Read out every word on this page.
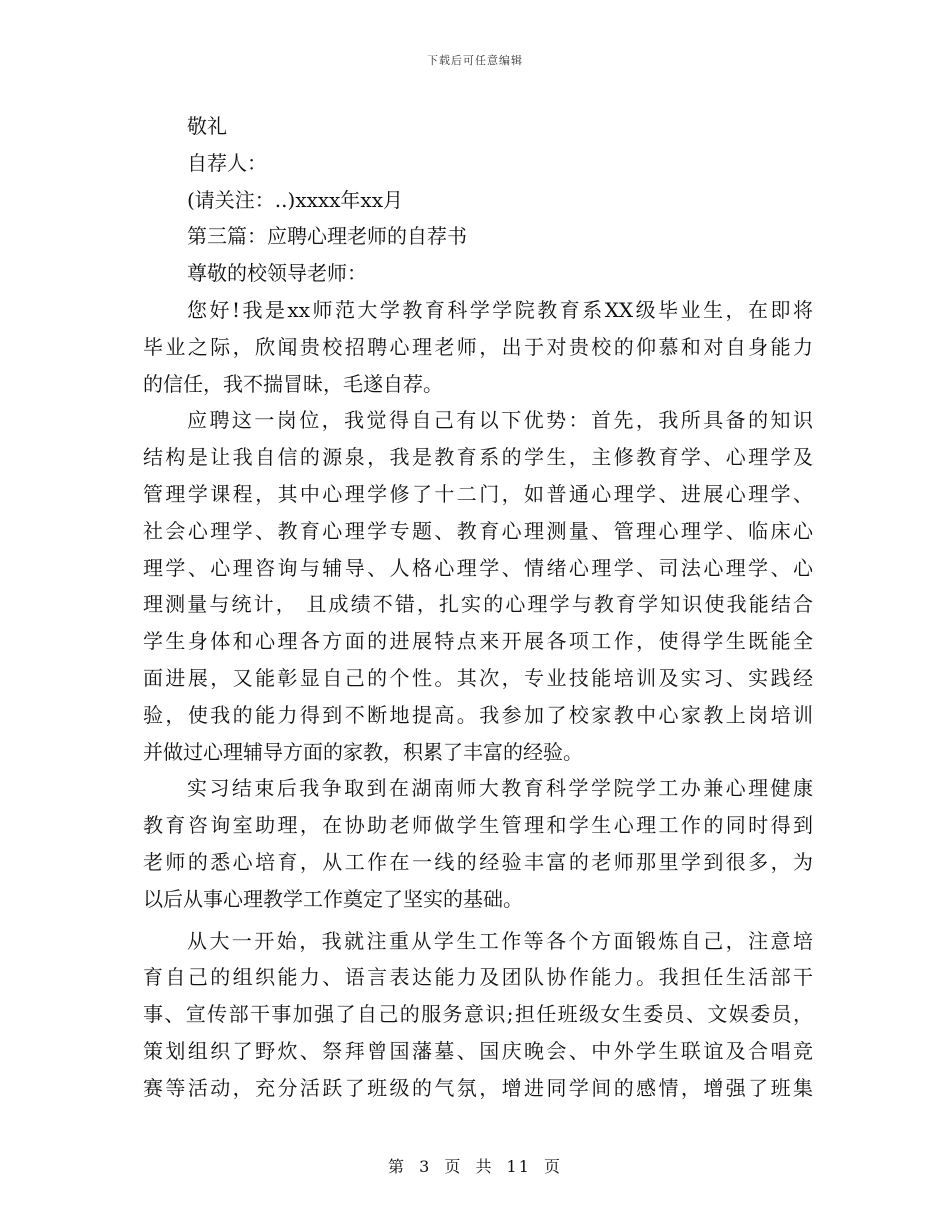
下载后可任意编辑
敬礼
自荐人：
(请关注：..)xxxx年xx月
第三篇：应聘心理老师的自荐书
尊敬的校领导老师：
您好!我是xx师范大学教育科学学院教育系XX级毕业生，在即将
毕业之际，欣闻贵校招聘心理老师，出于对贵校的仰慕和对自身能力
的信任，我不揣冒昧，毛遂自荐。
应聘这一岗位，我觉得自己有以下优势：首先，我所具备的知识
结构是让我自信的源泉，我是教育系的学生，主修教育学、心理学及
管理学课程，其中心理学修了十二门，如普通心理学、进展心理学、
社会心理学、教育心理学专题、教育心理测量、管理心理学、临床心
理学、心理咨询与辅导、人格心理学、情绪心理学、司法心理学、心
理测量与统计， 且成绩不错，扎实的心理学与教育学知识使我能结合
学生身体和心理各方面的进展特点来开展各项工作，使得学生既能全
面进展，又能彰显自己的个性。其次，专业技能培训及实习、实践经
验，使我的能力得到不断地提高。我参加了校家教中心家教上岗培训
并做过心理辅导方面的家教，积累了丰富的经验。
实习结束后我争取到在湖南师大教育科学学院学工办兼心理健康
教育咨询室助理，在协助老师做学生管理和学生心理工作的同时得到
老师的悉心培育，从工作在一线的经验丰富的老师那里学到很多，为
以后从事心理教学工作奠定了坚实的基础。
从大一开始，我就注重从学生工作等各个方面锻炼自己，注意培
育自己的组织能力、语言表达能力及团队协作能力。我担任生活部干
事、宣传部干事加强了自己的服务意识;担任班级女生委员、文娱委员，
策划组织了野炊、祭拜曾国藩墓、国庆晚会、中外学生联谊及合唱竞
赛等活动，充分活跃了班级的气氛，增进同学间的感情，增强了班集
第 3 页 共 11 页
